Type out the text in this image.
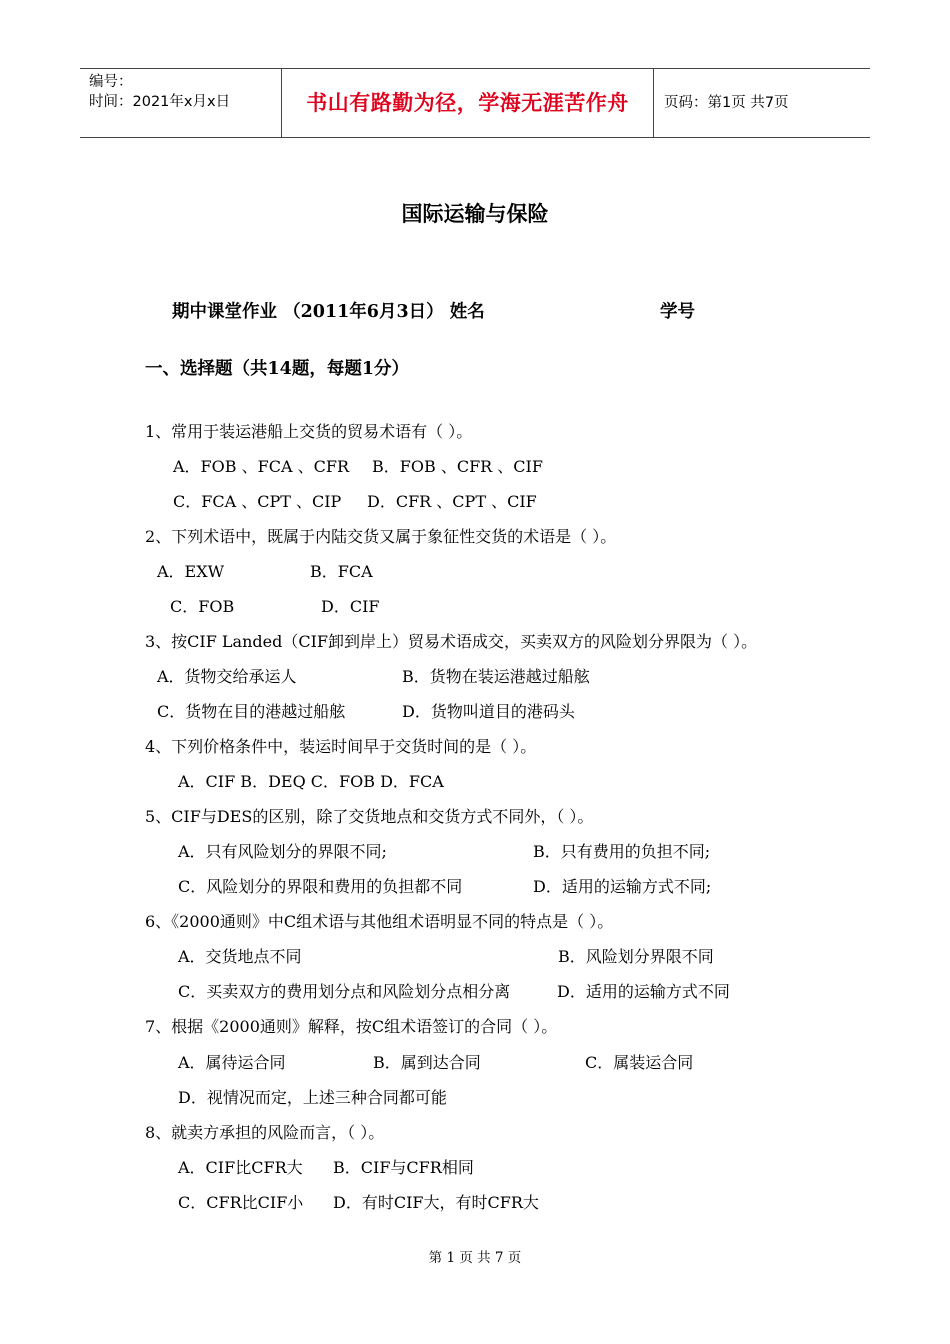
编号：
时间：2021年x月x日	书山有路勤为径，学海无涯苦作舟	页码：第1页 共7页
国际运输与保险
期中课堂作业 （2011年6月3日） 姓名	学号
一、选择题（共14题，每题1分）
1、常用于装运港船上交货的贸易术语有（ ）。
A．FOB 、FCA 、CFR B．FOB 、CFR 、CIF
C．FCA 、CPT 、CIP D．CFR 、CPT 、CIF
2、下列术语中，既属于内陆交货又属于象征性交货的术语是（ ）。
A．EXW	B．FCA
C．FOB	D．CIF
3、按CIF Landed（CIF卸到岸上）贸易术语成交，买卖双方的风险划分界限为（ ）。
A．货物交给承运人	B．货物在装运港越过船舷
C．货物在目的港越过船舷	D．货物叫道目的港码头
4、下列价格条件中，装运时间早于交货时间的是（ ）。
A．CIF B．DEQ C．FOB D．FCA
5、CIF与DES的区别，除了交货地点和交货方式不同外，（ ）。
A．只有风险划分的界限不同;	B．只有费用的负担不同;
C．风险划分的界限和费用的负担都不同	D．适用的运输方式不同;
6、《2000通则》中C组术语与其他组术语明显不同的特点是（ ）。
A．交货地点不同	B．风险划分界限不同
C．买卖双方的费用划分点和风险划分点相分离	D．适用的运输方式不同
7、根据《2000通则》解释，按C组术语签订的合同（ ）。
A．属待运合同	B．属到达合同	C．属装运合同
D．视情况而定，上述三种合同都可能
8、就卖方承担的风险而言，（ ）。
A．CIF比CFR大 B．CIF与CFR相同
C．CFR比CIF小 D．有时CIF大，有时CFR大
第 1 页 共 7 页
